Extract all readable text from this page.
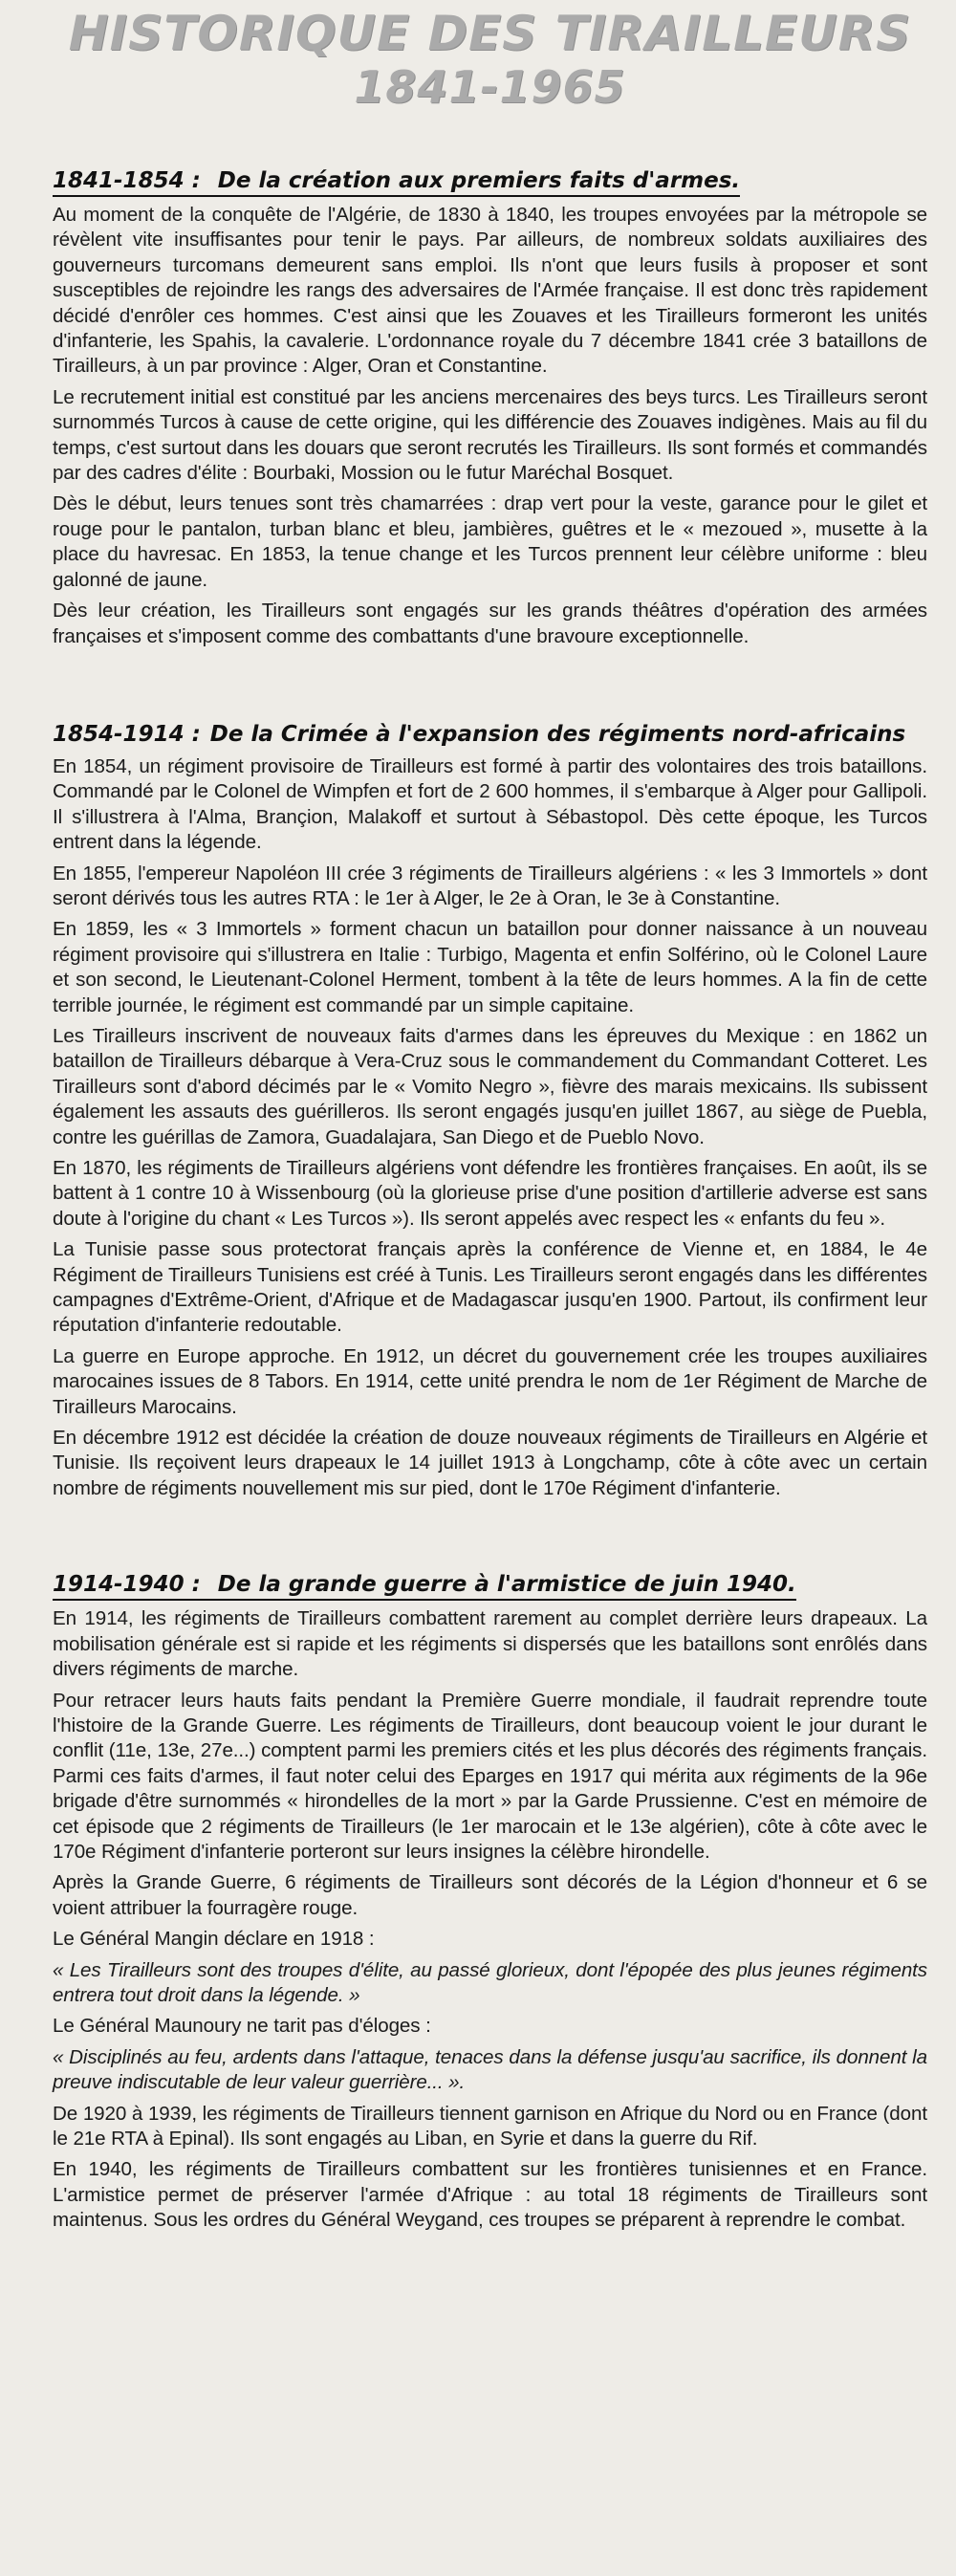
HISTORIQUE DES TIRAILLEURS
1841-1965
1841-1854 : De la création aux premiers faits d'armes.

Au moment de la conquête de l'Algérie, de 1830 à 1840, les troupes envoyées par la métropole se révèlent vite insuffisantes pour tenir le pays. Par ailleurs, de nombreux soldats auxiliaires des gouverneurs turcomans demeurent sans emploi. Ils n'ont que leurs fusils à proposer et sont susceptibles de rejoindre les rangs des adversaires de l'Armée française. Il est donc très rapidement décidé d'enrôler ces hommes. C'est ainsi que les Zouaves et les Tirailleurs formeront les unités d'infanterie, les Spahis, la cavalerie. L'ordonnance royale du 7 décembre 1841 crée 3 bataillons de Tirailleurs, à un par province : Alger, Oran et Constantine.

Le recrutement initial est constitué par les anciens mercenaires des beys turcs. Les Tirailleurs seront surnommés Turcos à cause de cette origine, qui les différencie des Zouaves indigènes. Mais au fil du temps, c'est surtout dans les douars que seront recrutés les Tirailleurs. Ils sont formés et commandés par des cadres d'élite : Bourbaki, Mossion ou le futur Maréchal Bosquet.

Dès le début, leurs tenues sont très chamarrées : drap vert pour la veste, garance pour le gilet et rouge pour le pantalon, turban blanc et bleu, jambières, guêtres et le « mezoued », musette à la place du havresac. En 1853, la tenue change et les Turcos prennent leur célèbre uniforme : bleu galonné de jaune.

Dès leur création, les Tirailleurs sont engagés sur les grands théâtres d'opération des armées françaises et s'imposent comme des combattants d'une bravoure exceptionnelle.

1854-1914 : De la Crimée à l'expansion des régiments nord-africains

En 1854, un régiment provisoire de Tirailleurs est formé à partir des volontaires des trois bataillons. Commandé par le Colonel de Wimpfen et fort de 2 600 hommes, il s'embarque à Alger pour Gallipoli. Il s'illustrera à l'Alma, Brançion, Malakoff et surtout à Sébastopol. Dès cette époque, les Turcos entrent dans la légende.

En 1855, l'empereur Napoléon III crée 3 régiments de Tirailleurs algériens : « les 3 Immortels » dont seront dérivés tous les autres RTA : le 1er à Alger, le 2e à Oran, le 3e à Constantine.

En 1859, les « 3 Immortels » forment chacun un bataillon pour donner naissance à un nouveau régiment provisoire qui s'illustrera en Italie : Turbigo, Magenta et enfin Solférino, où le Colonel Laure et son second, le Lieutenant-Colonel Herment, tombent à la tête de leurs hommes. A la fin de cette terrible journée, le régiment est commandé par un simple capitaine.

Les Tirailleurs inscrivent de nouveaux faits d'armes dans les épreuves du Mexique : en 1862 un bataillon de Tirailleurs débarque à Vera-Cruz sous le commandement du Commandant Cotteret. Les Tirailleurs sont d'abord décimés par le « Vomito Negro », fièvre des marais mexicains. Ils subissent également les assauts des guérilleros. Ils seront engagés jusqu'en juillet 1867, au siège de Puebla, contre les guérillas de Zamora, Guadalajara, San Diego et de Pueblo Novo.

En 1870, les régiments de Tirailleurs algériens vont défendre les frontières françaises. En août, ils se battent à 1 contre 10 à Wissenbourg (où la glorieuse prise d'une position d'artillerie adverse est sans doute à l'origine du chant « Les Turcos »). Ils seront appelés avec respect les « enfants du feu ».

La Tunisie passe sous protectorat français après la conférence de Vienne et, en 1884, le 4e Régiment de Tirailleurs Tunisiens est créé à Tunis. Les Tirailleurs seront engagés dans les différentes campagnes d'Extrême-Orient, d'Afrique et de Madagascar jusqu'en 1900. Partout, ils confirment leur réputation d'infanterie redoutable.

La guerre en Europe approche. En 1912, un décret du gouvernement crée les troupes auxiliaires marocaines issues de 8 Tabors. En 1914, cette unité prendra le nom de 1er Régiment de Marche de Tirailleurs Marocains.

En décembre 1912 est décidée la création de douze nouveaux régiments de Tirailleurs en Algérie et Tunisie. Ils reçoivent leurs drapeaux le 14 juillet 1913 à Longchamp, côte à côte avec un certain nombre de régiments nouvellement mis sur pied, dont le 170e Régiment d'infanterie.

1914-1940 : De la grande guerre à l'armistice de juin 1940.

En 1914, les régiments de Tirailleurs combattent rarement au complet derrière leurs drapeaux. La mobilisation générale est si rapide et les régiments si dispersés que les bataillons sont enrôlés dans divers régiments de marche.

Pour retracer leurs hauts faits pendant la Première Guerre mondiale, il faudrait reprendre toute l'histoire de la Grande Guerre. Les régiments de Tirailleurs, dont beaucoup voient le jour durant le conflit (11e, 13e, 27e...) comptent parmi les premiers cités et les plus décorés des régiments français. Parmi ces faits d'armes, il faut noter celui des Eparges en 1917 qui mérita aux régiments de la 96e brigade d'être surnommés « hirondelles de la mort » par la Garde Prussienne. C'est en mémoire de cet épisode que 2 régiments de Tirailleurs (le 1er marocain et le 13e algérien), côte à côte avec le 170e Régiment d'infanterie porteront sur leurs insignes la célèbre hirondelle.

Après la Grande Guerre, 6 régiments de Tirailleurs sont décorés de la Légion d'honneur et 6 se voient attribuer la fourragère rouge.

Le Général Mangin déclare en 1918 :

« Les Tirailleurs sont des troupes d'élite, au passé glorieux, dont l'épopée des plus jeunes régiments entrera tout droit dans la légende. »

Le Général Maunoury ne tarit pas d'éloges :

« Disciplinés au feu, ardents dans l'attaque, tenaces dans la défense jusqu'au sacrifice, ils donnent la preuve indiscutable de leur valeur guerrière... ».

De 1920 à 1939, les régiments de Tirailleurs tiennent garnison en Afrique du Nord ou en France (dont le 21e RTA à Epinal). Ils sont engagés au Liban, en Syrie et dans la guerre du Rif.

En 1940, les régiments de Tirailleurs combattent sur les frontières tunisiennes et en France. L'armistice permet de préserver l'armée d'Afrique : au total 18 régiments de Tirailleurs sont maintenus. Sous les ordres du Général Weygand, ces troupes se préparent à reprendre le combat.
